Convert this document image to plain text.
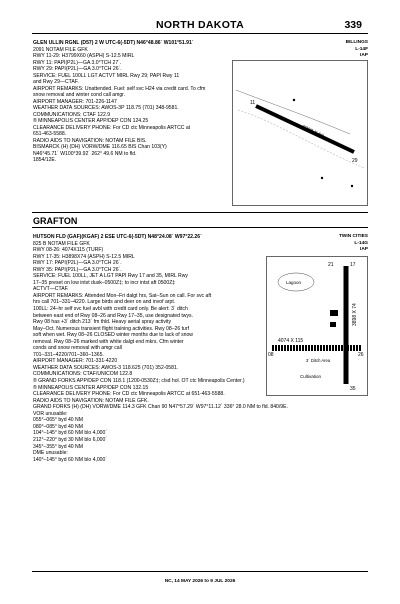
NORTH DAKOTA	339
GLEN ULLIN RGNL (D57) 2 W UTC-6(-5DT) N46°48.86´ W101°51.91´
2091 NOTAM FILE GFK
RWY 11-29: H3799X60 (ASPH) S-12.5 MIRL
RWY 11: PAPI(P2L)—GA 3.0°TCH 27´.
RWY 29: PAPI(P2L)—GA 3.0°TCH 26´.
SERVICE: FUEL 100LL LGT ACTVT MIRL Rwy 29; PAPI Rwy 11
and Rwy 29—CTAF.
AIRPORT REMARKS: Unattended. Fuel: self svc H24 via credit card. To cfm
snow removal and winter cond call amgr.
AIRPORT MANAGER: 701-226-1147
WEATHER DATA SOURCES: AWOS-3P 118.75 (701) 348-9581.
COMMUNICATIONS: CTAF 122.9
® MINNEAPOLIS CENTER APP/DEP CON 124.25
CLEARANCE DELIVERY PHONE: For CD ctc Minneapolis ARTCC at
651-463-5588.
RADIO AIDS TO NAVIGATION: NOTAM FILE BIS.
BISMARCK (H) (DH) VORW/DME 116.65 BIS Chan 103(Y)
N46°45.71´ W100°39.92´ 262° 49.6 NM to fld.
1854/12E.
BILLINGS
L-14F
IAP
3799 X 60
11
29
GRAFTON
HUTSON FLD (GAF)(KGAF) 2 ESE UTC-6(-5DT) N48°24.08´ W97°22.26´
825 B NOTAM FILE GFK
RWY 08-26: 4074X115 (TURF)
RWY 17-35: H3898X74 (ASPH) S-12.5 MIRL
RWY 17: PAPI(P2L)—GA 3.0°TCH 26´.
RWY 35: PAPI(P2L)—GA 3.0°TCH 26´.
SERVICE: FUEL 100LL, JET A LGT PAPI Rwy 17 and 35, MIRL Rwy
17–35 preset on low intst dusk–0500Z‡; to incr intst aft 0500Z‡
ACTVT—CTAF.
AIRPORT REMARKS: Attended Mon–Fri dalgt hrs, Sat–Sun on call. For svc aft
hrs call 701–331–4220. Large birds and deer on and invof arpt.
100LL: 24–hr self svc fuel avbl with credit card only. Be alert: 3´ ditch
between east end of Rwy 08–26 and Rwy 17–35, use designated twys.
Rwy 08 has +3´ ditch 213´ fm thld. Heavy aerial spray activity
May–Oct. Numerous transient flight training activities. Rwy 08–26 turf
soft when wet. Rwy 08–26 CLOSED winter months due to lack of snow
removal. Rwy 08–26 marked with white dalgt end mkrs. Cfm winter
conds and snow removal with amgr call
701–331–4220/701–360–1365.
AIRPORT MANAGER: 701-331-4220
WEATHER DATA SOURCES: AWOS-3 118.625 (701) 352-0581.
COMMUNICATIONS: CTAF/UNICOM 122.8
® GRAND FORKS APP/DEP CON 118.1 (1200-0530Z‡; clsd hol. OT ctc Minneapolis Center.)
® MINNEAPOLIS CENTER APP/DEP CON 132.15
CLEARANCE DELIVERY PHONE: For CD ctc Minneapolis ARTCC at 651-463-5588.
RADIO AIDS TO NAVIGATION: NOTAM FILE GFK.
GRAND FORKS (H) (DH) VORW/DME 114.3 GFK Chan 90 N47°57.29´ W97°11.12´ 336° 28.0 NM to fld. 840/9E.
VOR unusable:
055°–065° byd 40 NM
080°–085° byd 40 NM
104°–145° byd 60 NM blo 4,000´
212°–220° byd 30 NM blo 6,000´
345°–355° byd 40 NM
DME unusable:
140°–145° byd 60 NM blo 4,000´
TWIN CITIES
L-14G
IAP
Lagoon
4074 X 115
3898 X 74
08	26
17
35
21
3´ Ditch Area
Cultivation
NC, 14 MAY 2026 to 9 JUL 2026
